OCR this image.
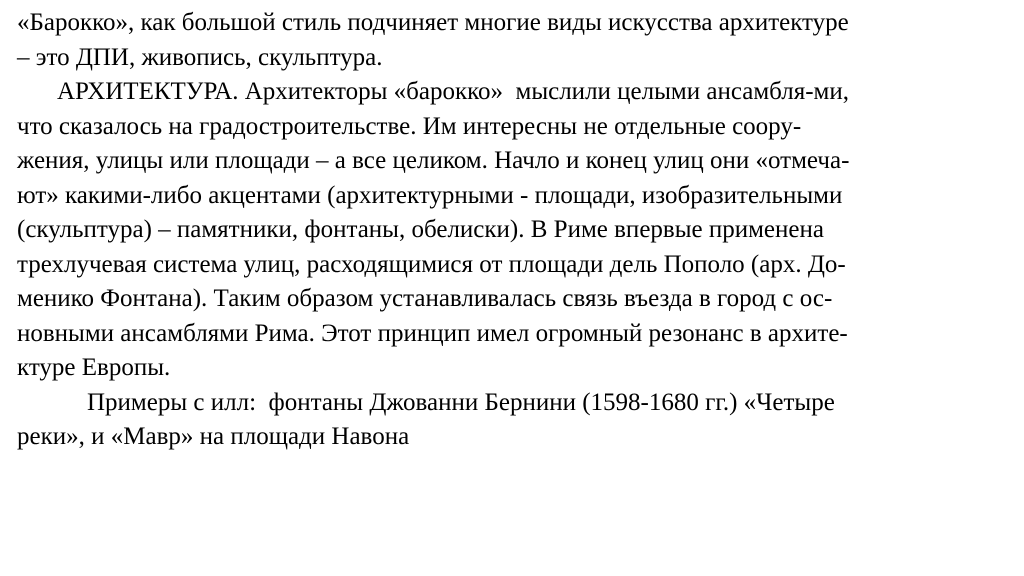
«Барокко», как большой стиль подчиняет многие виды искусства архитектуре
– это ДПИ, живопись, скульптура.
АРХИТЕКТУРА. Архитекторы «барокко»  мыслили целыми ансамбля-ми,
что сказалось на градостроительстве. Им интересны не отдельные соору-
жения, улицы или площади – а все целиком. Начло и конец улиц они «отмеча-
ют» какими-либо акцентами (архитектурными - площади, изобразительными
(скульптура) – памятники, фонтаны, обелиски). В Риме впервые применена
трехлучевая система улиц, расходящимися от площади дель Пополо (арх. До-
менико Фонтана). Таким образом устанавливалась связь въезда в город с ос-
новными ансамблями Рима. Этот принцип имел огромный резонанс в архите-
ктуре Европы.
Примеры с илл:  фонтаны Джованни Бернини (1598-1680 гг.) «Четыре
реки», и «Мавр» на площади Навона
